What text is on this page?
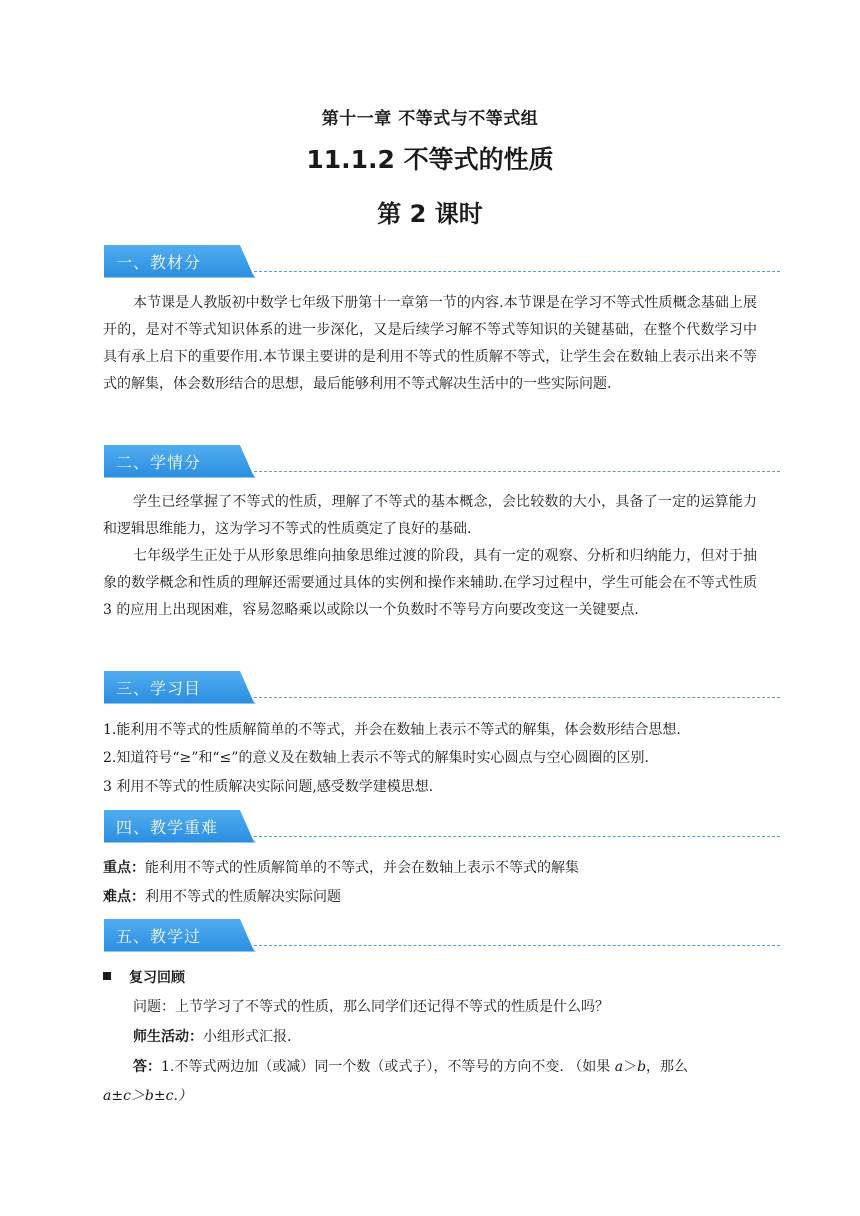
第十一章 不等式与不等式组
11.1.2 不等式的性质
第 2 课时
一、教材分
本节课是人教版初中数学七年级下册第十一章第一节的内容.本节课是在学习不等式性质概念基础上展开的，是对不等式知识体系的进一步深化，又是后续学习解不等式等知识的关键基础，在整个代数学习中具有承上启下的重要作用.本节课主要讲的是利用不等式的性质解不等式，让学生会在数轴上表示出来不等式的解集，体会数形结合的思想，最后能够利用不等式解决生活中的一些实际问题.
二、学情分
学生已经掌握了不等式的性质，理解了不等式的基本概念，会比较数的大小，具备了一定的运算能力和逻辑思维能力，这为学习不等式的性质奠定了良好的基础.
七年级学生正处于从形象思维向抽象思维过渡的阶段，具有一定的观察、分析和归纳能力，但对于抽象的数学概念和性质的理解还需要通过具体的实例和操作来辅助.在学习过程中，学生可能会在不等式性质 3 的应用上出现困难，容易忽略乘以或除以一个负数时不等号方向要改变这一关键要点.
三、学习目
1.能利用不等式的性质解简单的不等式，并会在数轴上表示不等式的解集，体会数形结合思想.
2.知道符号“≥”和“≤”的意义及在数轴上表示不等式的解集时实心圆点与空心圆圈的区别.
3 利用不等式的性质解决实际问题,感受数学建模思想.
四、教学重难
重点：能利用不等式的性质解简单的不等式，并会在数轴上表示不等式的解集
难点：利用不等式的性质解决实际问题
五、教学过
复习回顾
问题：上节学习了不等式的性质，那么同学们还记得不等式的性质是什么吗？
师生活动：小组形式汇报.
答：1.不等式两边加（或减）同一个数（或式子），不等号的方向不变. （如果 a＞b，那么
a±c＞b±c.）
